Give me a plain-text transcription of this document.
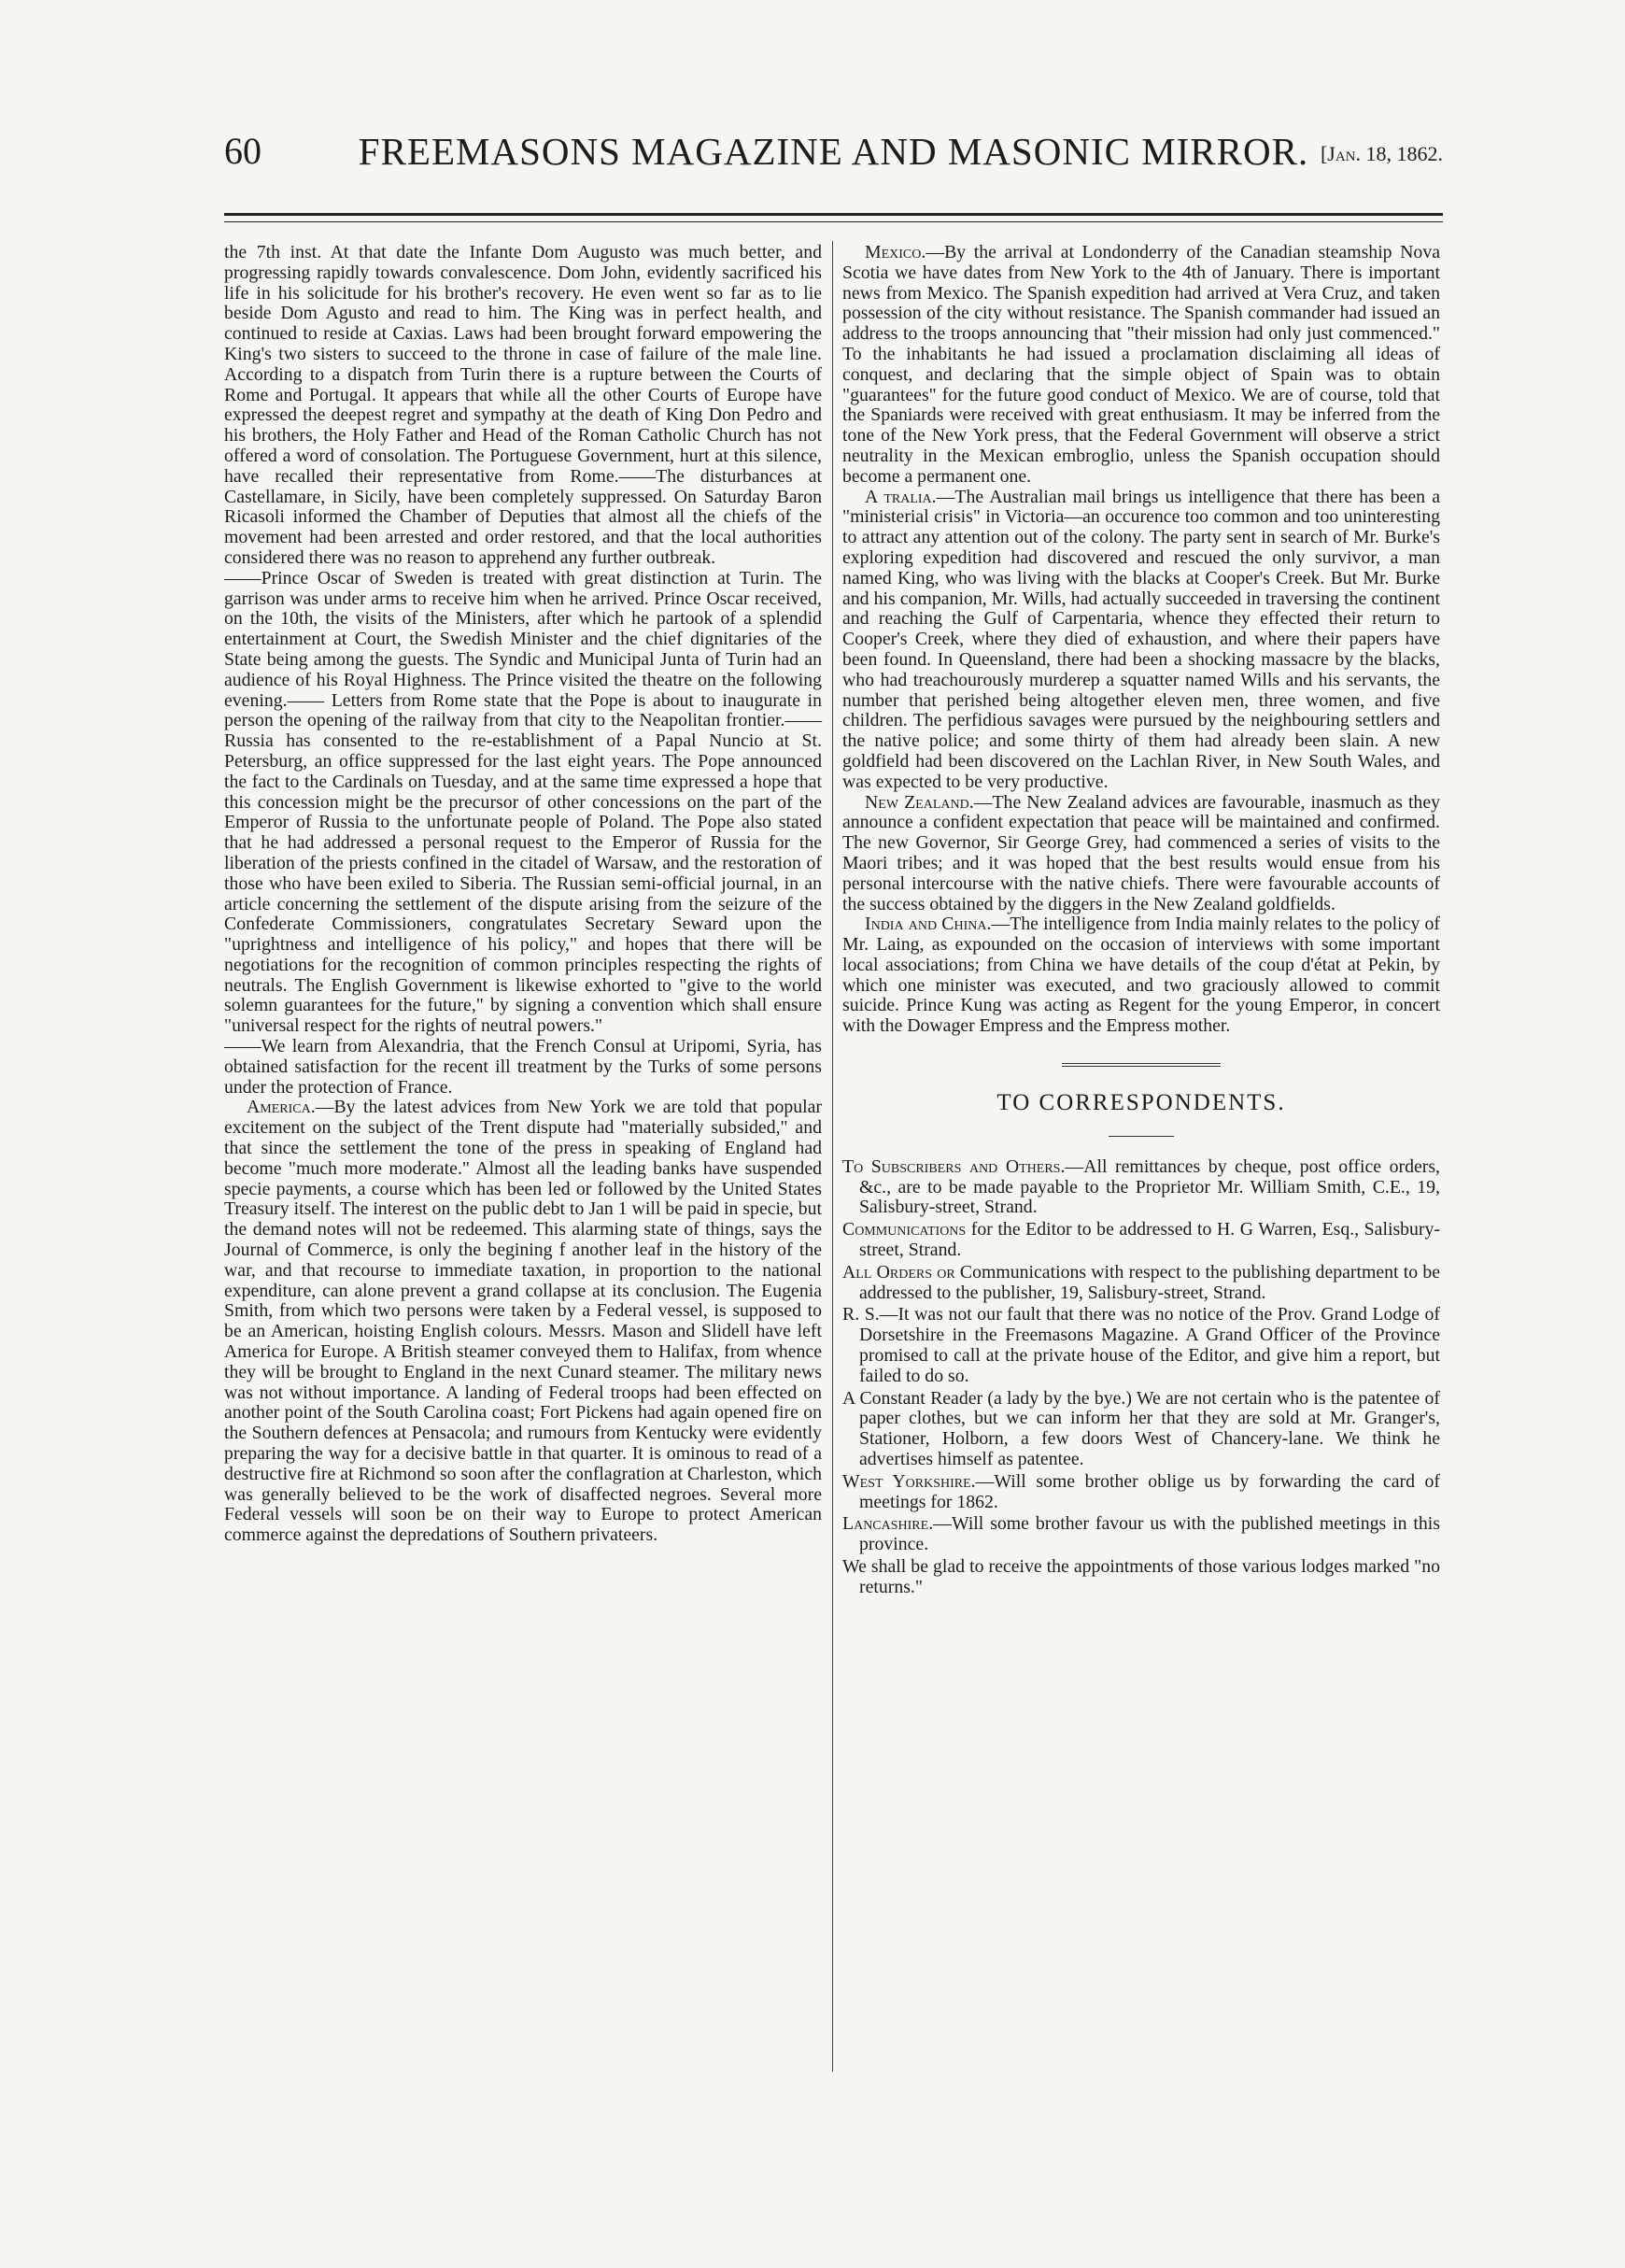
60	FREEMASONS MAGAZINE AND MASONIC MIRROR. [Jan. 18, 1862.

the 7th inst. At that date the Infante Dom Augusto was much better, and progressing rapidly towards convalescence. Dom John, evidently sacrificed his life in his solicitude for his brother's recovery. He even went so far as to lie beside Dom Agusto and read to him. The King was in perfect health, and continued to reside at Caxias. Laws had been brought forward empowering the King's two sisters to succeed to the throne in case of failure of the male line. According to a dispatch from Turin there is a rupture between the Courts of Rome and Portugal. It appears that while all the other Courts of Europe have expressed the deepest regret and sympathy at the death of King Don Pedro and his brothers, the Holy Father and Head of the Roman Catholic Church has not offered a word of consolation. The Portuguese Government, hurt at this silence, have recalled their representative from Rome.——The disturbances at Castellamare, in Sicily, have been completely suppressed. On Saturday Baron Ricasoli informed the Chamber of Deputies that almost all the chiefs of the movement had been arrested and order restored, and that the local authorities considered there was no reason to apprehend any further outbreak.

——Prince Oscar of Sweden is treated with great distinction at Turin. The garrison was under arms to receive him when he arrived. Prince Oscar received, on the 10th, the visits of the Ministers, after which he partook of a splendid entertainment at Court, the Swedish Minister and the chief dignitaries of the State being among the guests. The Syndic and Municipal Junta of Turin had an audience of his Royal Highness. The Prince visited the theatre on the following evening.—— Letters from Rome state that the Pope is about to inaugurate in person the opening of the railway from that city to the Neapolitan frontier.——Russia has consented to the re-establishment of a Papal Nuncio at St. Petersburg, an office suppressed for the last eight years. The Pope announced the fact to the Cardinals on Tuesday, and at the same time expressed a hope that this concession might be the precursor of other concessions on the part of the Emperor of Russia to the unfortunate people of Poland. The Pope also stated that he had addressed a personal request to the Emperor of Russia for the liberation of the priests confined in the citadel of Warsaw, and the restoration of those who have been exiled to Siberia. The Russian semi-official journal, in an article concerning the settlement of the dispute arising from the seizure of the Confederate Commissioners, congratulates Secretary Seward upon the "uprightness and intelligence of his policy," and hopes that there will be negotiations for the recognition of common principles respecting the rights of neutrals. The English Government is likewise exhorted to "give to the world solemn guarantees for the future," by signing a convention which shall ensure "universal respect for the rights of neutral powers."

——We learn from Alexandria, that the French Consul at Uripomi, Syria, has obtained satisfaction for the recent ill treatment by the Turks of some persons under the protection of France.

America.—By the latest advices from New York we are told that popular excitement on the subject of the Trent dispute had "materially subsided," and that since the settlement the tone of the press in speaking of England had become "much more moderate." Almost all the leading banks have suspended specie payments, a course which has been led or followed by the United States Treasury itself. The interest on the public debt to Jan 1 will be paid in specie, but the demand notes will not be redeemed. This alarming state of things, says the Journal of Commerce, is only the begining f another leaf in the history of the war, and that recourse to immediate taxation, in proportion to the national expenditure, can alone prevent a grand collapse at its conclusion. The Eugenia Smith, from which two persons were taken by a Federal vessel, is supposed to be an American, hoisting English colours. Messrs. Mason and Slidell have left America for Europe. A British steamer conveyed them to Halifax, from whence they will be brought to England in the next Cunard steamer. The military news was not without importance. A landing of Federal troops had been effected on another point of the South Carolina coast; Fort Pickens had again opened fire on the Southern defences at Pensacola; and rumours from Kentucky were evidently preparing the way for a decisive battle in that quarter. It is ominous to read of a destructive fire at Richmond so soon after the conflagration at Charleston, which was generally believed to be the work of disaffected negroes. Several more Federal vessels will soon be on their way to Europe to protect American commerce against the depredations of Southern privateers.

Mexico.—By the arrival at Londonderry of the Canadian steamship Nova Scotia we have dates from New York to the 4th of January. There is important news from Mexico. The Spanish expedition had arrived at Vera Cruz, and taken possession of the city without resistance. The Spanish commander had issued an address to the troops announcing that "their mission had only just commenced." To the inhabitants he had issued a proclamation disclaiming all ideas of conquest, and declaring that the simple object of Spain was to obtain "guarantees" for the future good conduct of Mexico. We are of course, told that the Spaniards were received with great enthusiasm. It may be inferred from the tone of the New York press, that the Federal Government will observe a strict neutrality in the Mexican embroglio, unless the Spanish occupation should become a permanent one.

A tralia.—The Australian mail brings us intelligence that there has been a "ministerial crisis" in Victoria—an occurence too common and too uninteresting to attract any attention out of the colony. The party sent in search of Mr. Burke's exploring expedition had discovered and rescued the only survivor, a man named King, who was living with the blacks at Cooper's Creek. But Mr. Burke and his companion, Mr. Wills, had actually succeeded in traversing the continent and reaching the Gulf of Carpentaria, whence they effected their return to Cooper's Creek, where they died of exhaustion, and where their papers have been found. In Queensland, there had been a shocking massacre by the blacks, who had treachourously murderep a squatter named Wills and his servants, the number that perished being altogether eleven men, three women, and five children. The perfidious savages were pursued by the neighbouring settlers and the native police; and some thirty of them had already been slain. A new goldfield had been discovered on the Lachlan River, in New South Wales, and was expected to be very productive.

New Zealand.—The New Zealand advices are favourable, inasmuch as they announce a confident expectation that peace will be maintained and confirmed. The new Governor, Sir George Grey, had commenced a series of visits to the Maori tribes; and it was hoped that the best results would ensue from his personal intercourse with the native chiefs. There were favourable accounts of the success obtained by the diggers in the New Zealand goldfields.

India and China.—The intelligence from India mainly relates to the policy of Mr. Laing, as expounded on the occasion of interviews with some important local associations; from China we have details of the coup d'état at Pekin, by which one minister was executed, and two graciously allowed to commit suicide. Prince Kung was acting as Regent for the young Emperor, in concert with the Dowager Empress and the Empress mother.

TO CORRESPONDENTS.

To Subscribers and Others.—All remittances by cheque, post office orders, &c., are to be made payable to the Proprietor Mr. William Smith, C.E., 19, Salisbury-street, Strand.

Communications for the Editor to be addressed to H. G Warren, Esq., Salisbury-street, Strand.

All Orders or Communications with respect to the publishing department to be addressed to the publisher, 19, Salisbury-street, Strand.

R. S.—It was not our fault that there was no notice of the Prov. Grand Lodge of Dorsetshire in the Freemasons Magazine. A Grand Officer of the Province promised to call at the private house of the Editor, and give him a report, but failed to do so.

A Constant Reader (a lady by the bye.) We are not certain who is the patentee of paper clothes, but we can inform her that they are sold at Mr. Granger's, Stationer, Holborn, a few doors West of Chancery-lane. We think he advertises himself as patentee.

West Yorkshire.—Will some brother oblige us by forwarding the card of meetings for 1862.

Lancashire.—Will some brother favour us with the published meetings in this province.

We shall be glad to receive the appointments of those various lodges marked "no returns."
